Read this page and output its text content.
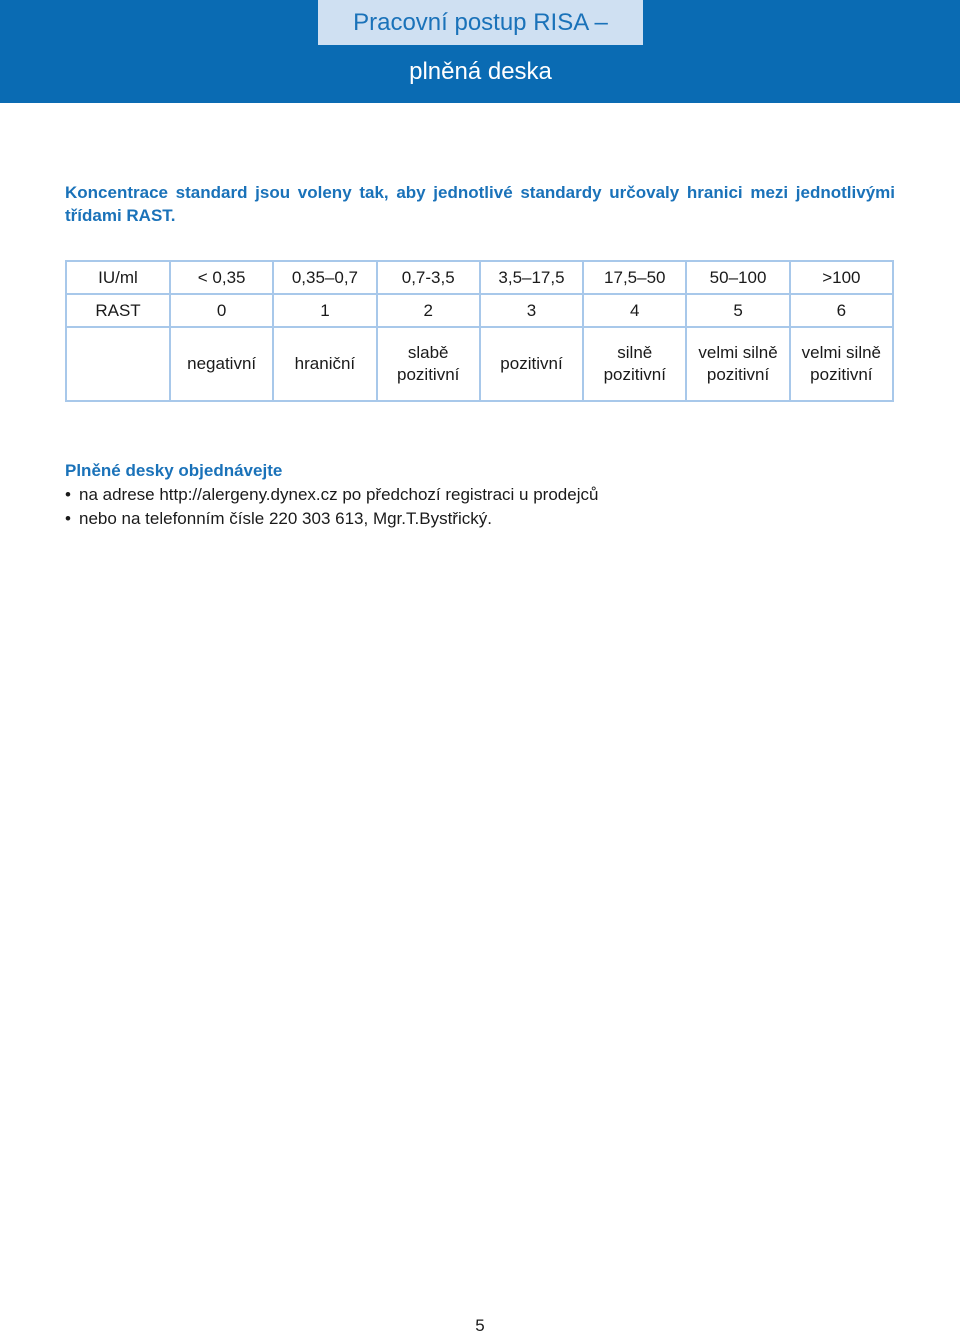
Pracovní postup RISA –
plněná deska
Koncentrace standard jsou voleny tak, aby jednotlivé standardy určovaly hranici mezi jednotlivými třídami RAST.
IU/ml	< 0,35	0,35–0,7	0,7-3,5	3,5–17,5	17,5–50	50–100	>100
RAST	0	1	2	3	4	5	6
	negativní	hraniční	slabě pozitivní	pozitivní	silně pozitivní	velmi silně pozitivní	velmi silně pozitivní
Plněné desky objednávejte
• na adrese http://alergeny.dynex.cz po předchozí registraci u prodejců
• nebo na telefonním čísle 220 303 613, Mgr.T.Bystřický.
5
